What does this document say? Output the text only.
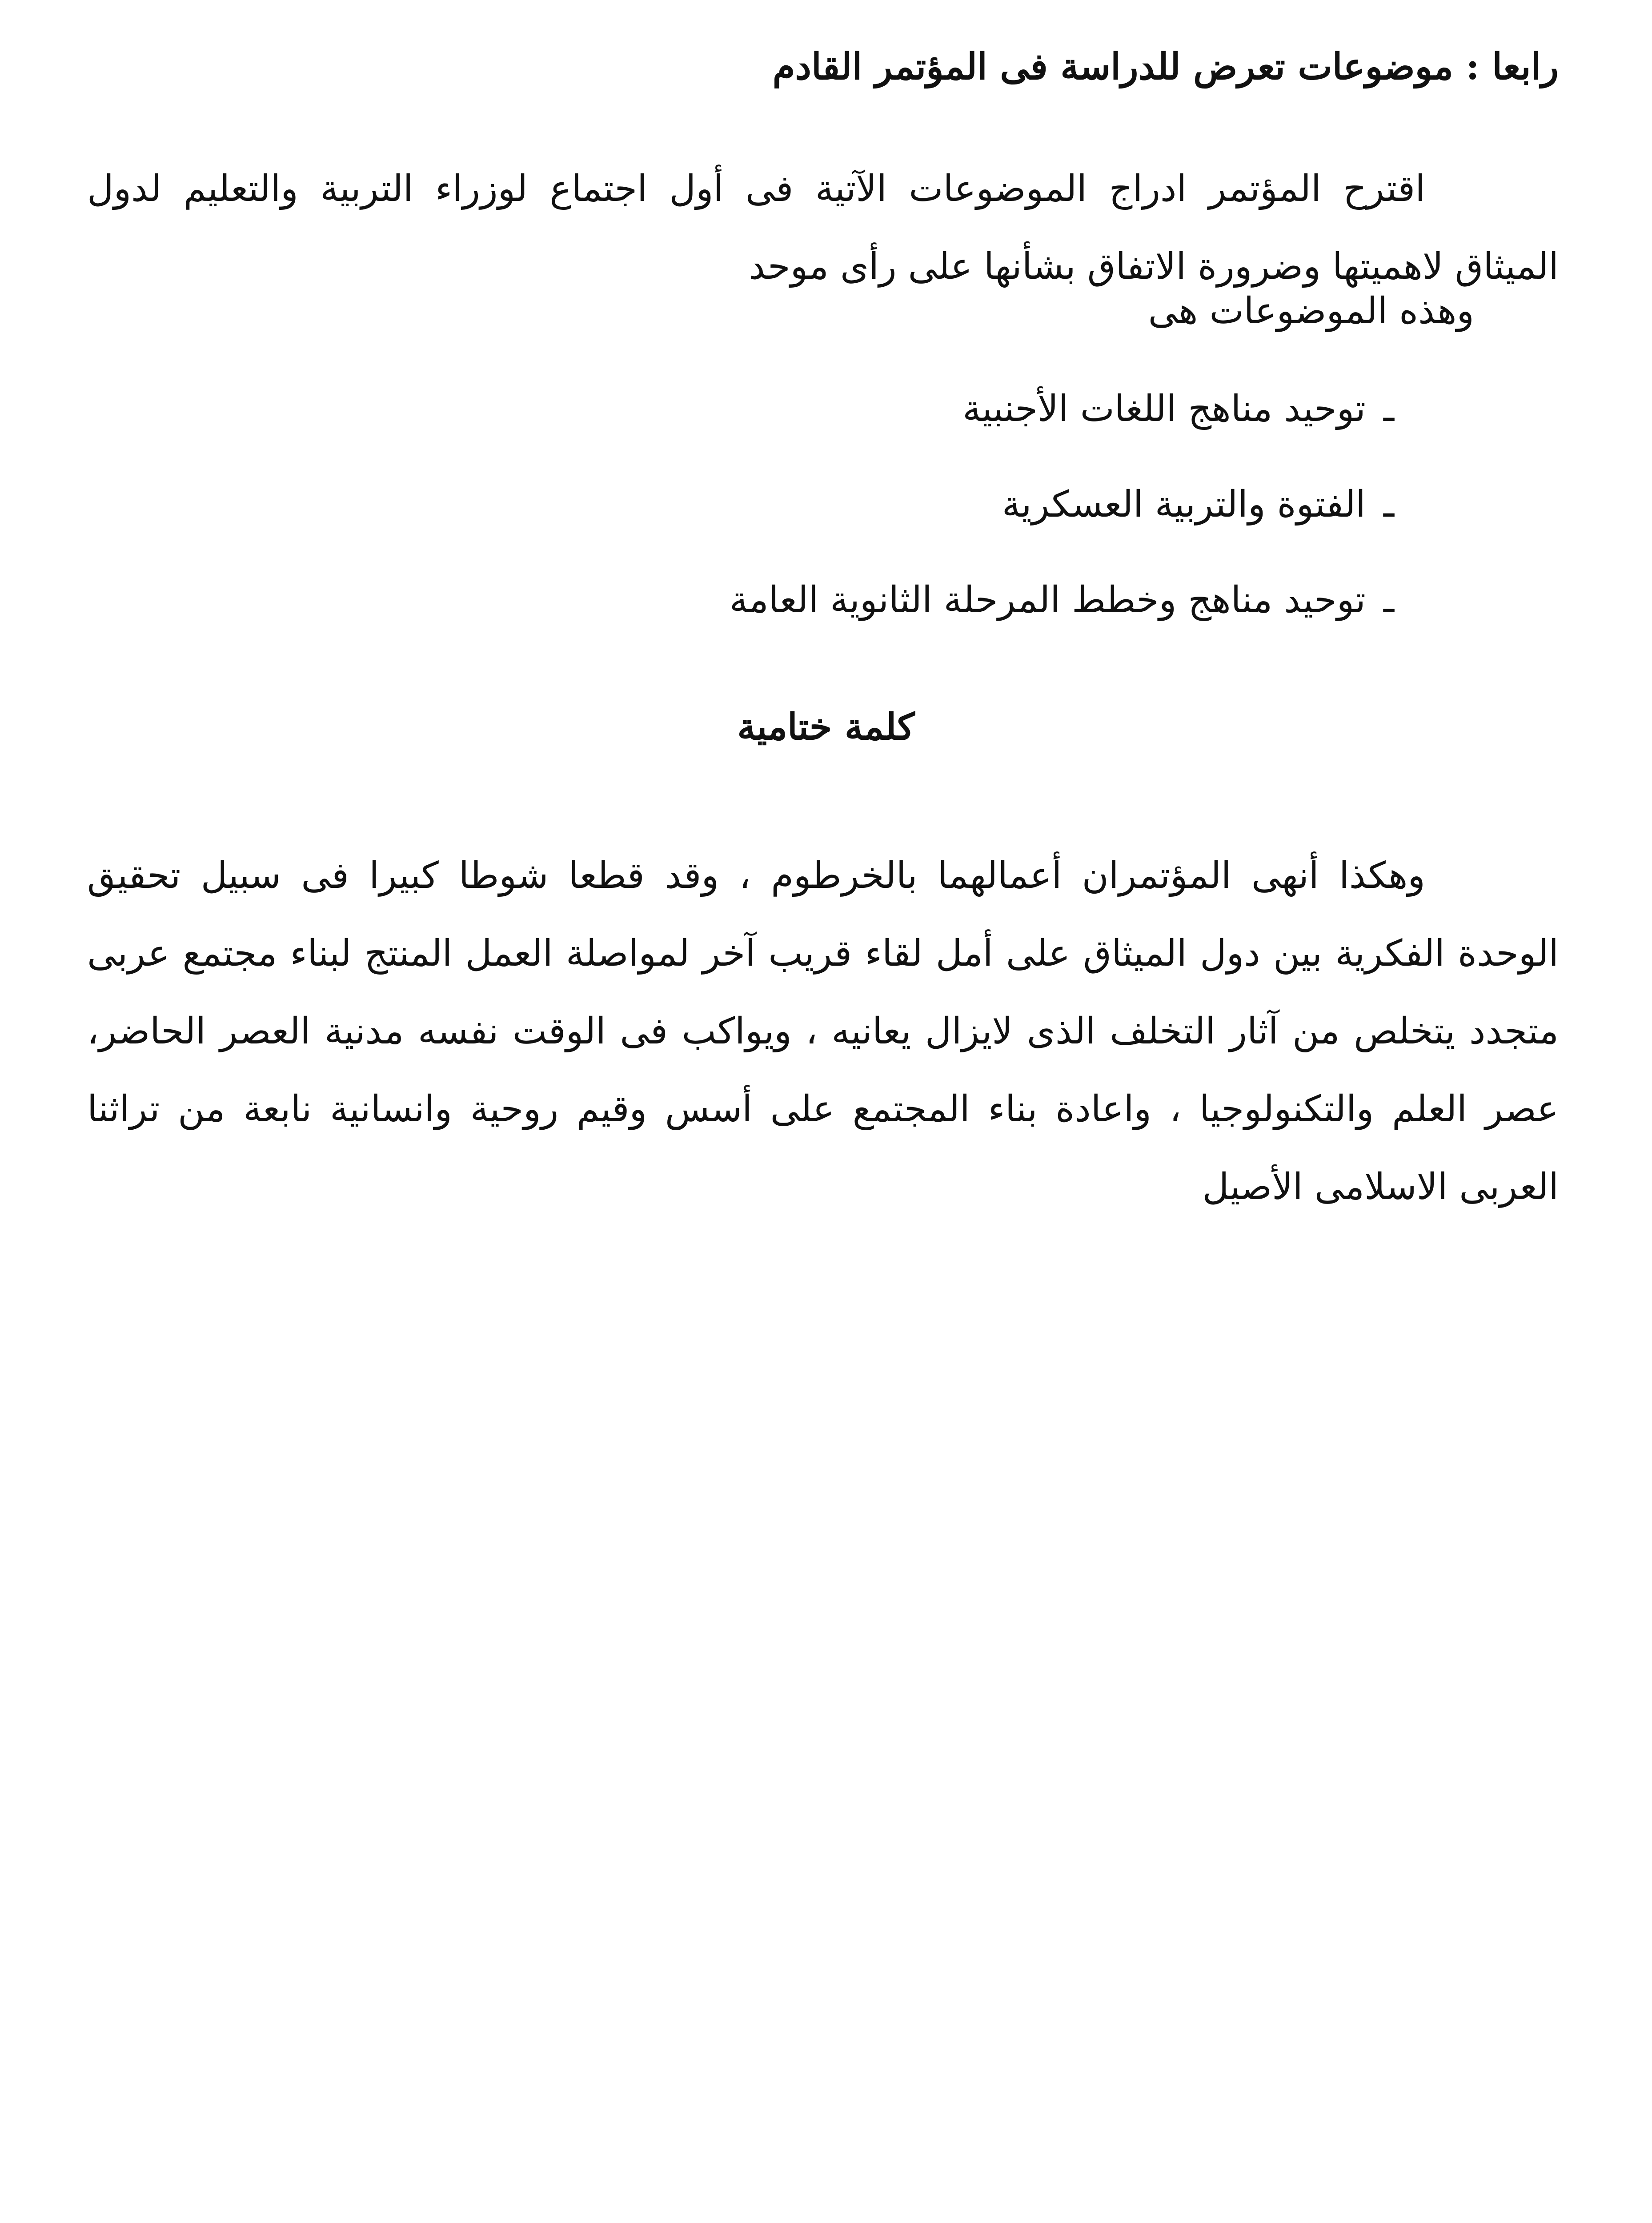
رابعا : موضوعات تعرض للدراسة فى المؤتمر القادم

اقترح المؤتمر ادراج الموضوعات الآتية فى أول اجتماع لوزراء التربية والتعليم لدول الميثاق لاهميتها وضرورة الاتفاق بشأنها على رأى موحد

وهذه الموضوعات هى
ـتوحيد مناهج اللغات الأجنبية
ـالفتوة والتربية العسكرية
ـتوحيد مناهج وخطط المرحلة الثانوية العامة
كلمة ختامية

وهكذا أنهى المؤتمران أعمالهما بالخرطوم ، وقد قطعا شوطا كبيرا فى سبيل تحقيق الوحدة الفكرية بين دول الميثاق على أمل لقاء قريب آخر لمواصلة العمل المنتج لبناء مجتمع عربى متجدد يتخلص من آثار التخلف الذى لايزال يعانيه ، ويواكب فى الوقت نفسه مدنية العصر الحاضر، عصر العلم والتكنولوجيا ، واعادة بناء المجتمع على أسس وقيم روحية وانسانية نابعة من تراثنا العربى الاسلامى الأصيل
